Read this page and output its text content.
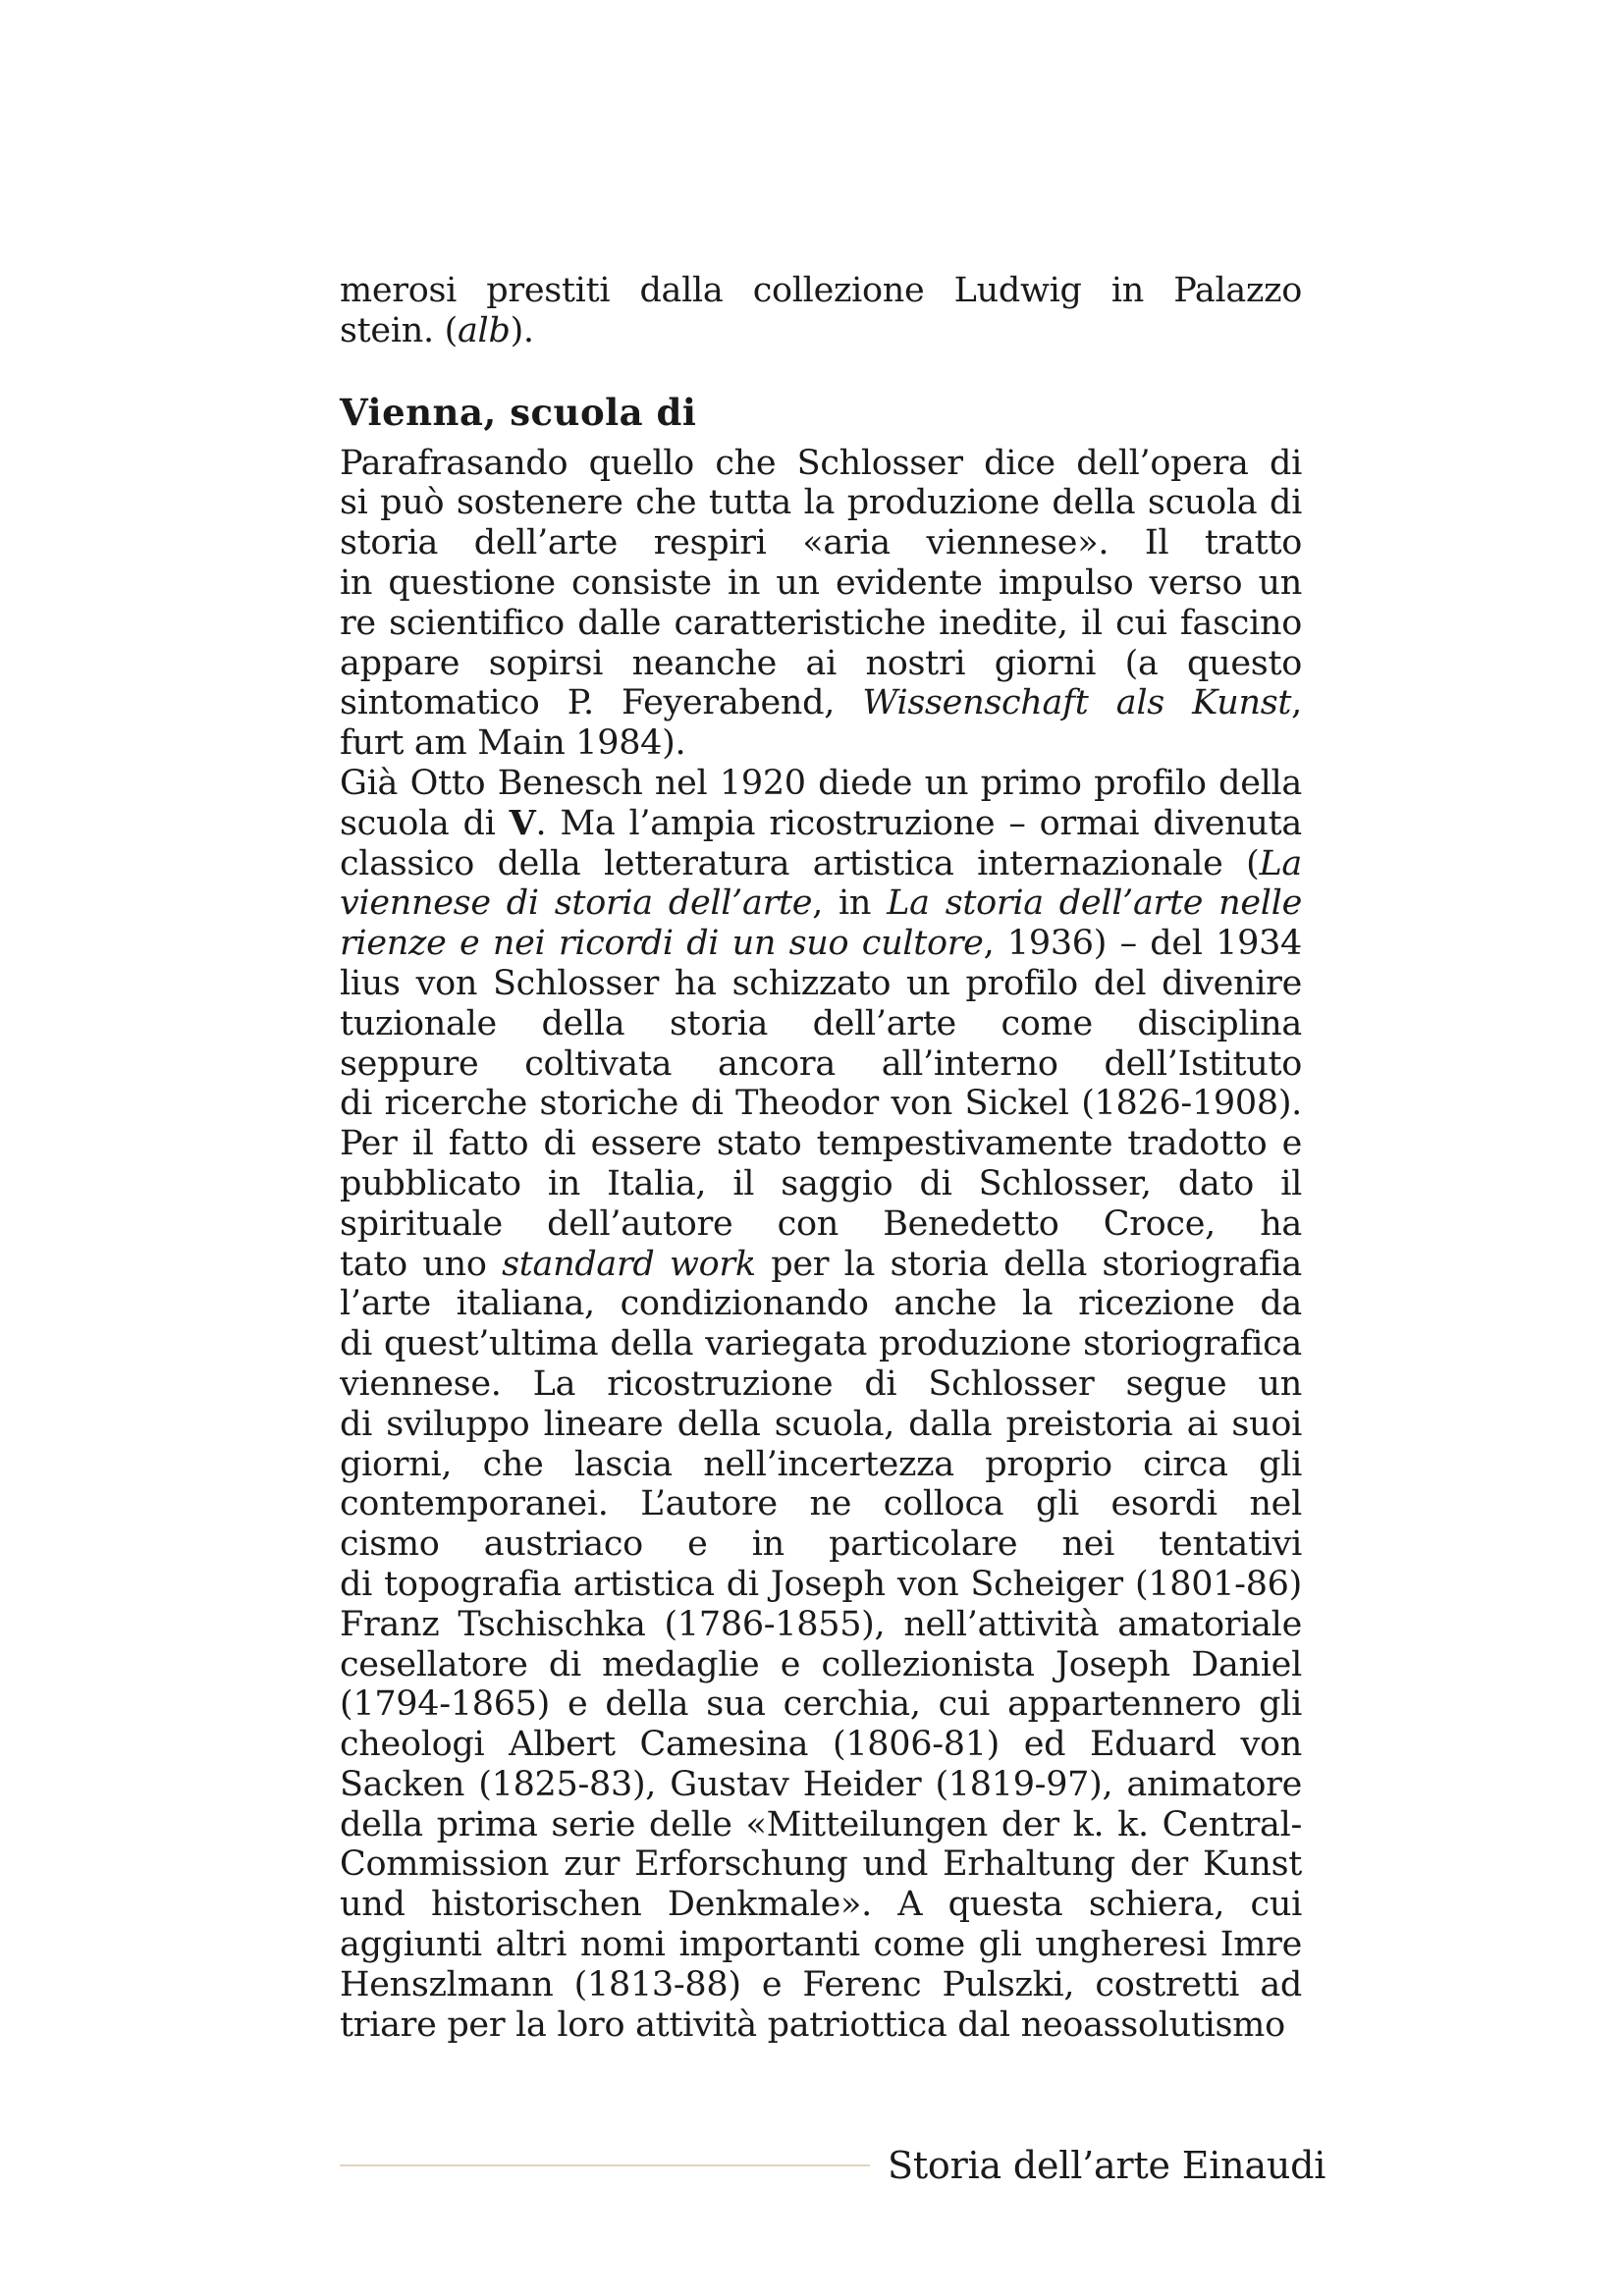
merosi prestiti dalla collezione Ludwig in Palazzo
stein. (alb).
Vienna, scuola di
Parafrasando quello che Schlosser dice dell’opera di
si può sostenere che tutta la produzione della scuola di
storia dell’arte respiri «aria viennese». Il tratto
in questione consiste in un evidente impulso verso un
re scientifico dalle caratteristiche inedite, il cui fascino
appare sopirsi neanche ai nostri giorni (a questo
sintomatico P. Feyerabend, Wissenschaft als Kunst,
furt am Main 1984).
Già Otto Benesch nel 1920 diede un primo profilo della
scuola di V. Ma l’ampia ricostruzione – ormai divenuta
classico della letteratura artistica internazionale (La
viennese di storia dell’arte, in La storia dell’arte nelle
rienze e nei ricordi di un suo cultore, 1936) – del 1934
lius von Schlosser ha schizzato un profilo del divenire
tuzionale della storia dell’arte come disciplina
seppure coltivata ancora all’interno dell’Istituto
di ricerche storiche di Theodor von Sickel (1826-1908).
Per il fatto di essere stato tempestivamente tradotto e
pubblicato in Italia, il saggio di Schlosser, dato il
spirituale dell’autore con Benedetto Croce, ha
tato uno standard work per la storia della storiografia
l’arte italiana, condizionando anche la ricezione da
di quest’ultima della variegata produzione storiografica
viennese. La ricostruzione di Schlosser segue un
di sviluppo lineare della scuola, dalla preistoria ai suoi
giorni, che lascia nell’incertezza proprio circa gli
contemporanei. L’autore ne colloca gli esordi nel
cismo austriaco e in particolare nei tentativi
di topografia artistica di Joseph von Scheiger (1801-86)
Franz Tschischka (1786-1855), nell’attività amatoriale
cesellatore di medaglie e collezionista Joseph Daniel
(1794-1865) e della sua cerchia, cui appartennero gli
cheologi Albert Camesina (1806-81) ed Eduard von
Sacken (1825-83), Gustav Heider (1819-97), animatore
della prima serie delle «Mitteilungen der k. k. Central-
Commission zur Erforschung und Erhaltung der Kunst
und historischen Denkmale». A questa schiera, cui
aggiunti altri nomi importanti come gli ungheresi Imre
Henszlmann (1813-88) e Ferenc Pulszki, costretti ad
triare per la loro attività patriottica dal neoassolutismo
Storia dell’arte Einaudi
